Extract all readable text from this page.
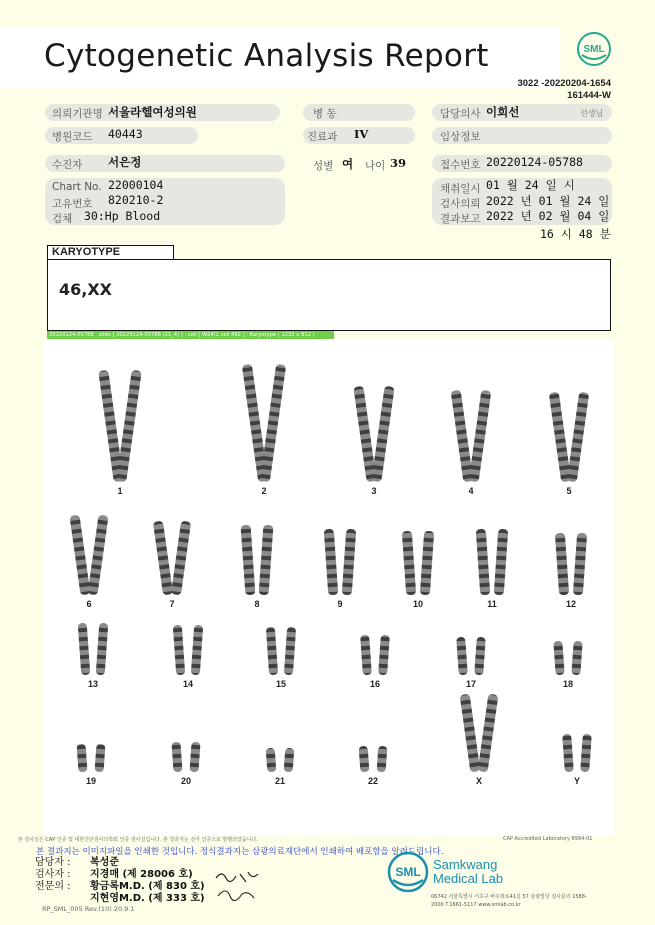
Cytogenetic Analysis Report	SML
3022 -20220204-1654
161444-W
의뢰기관명 서울라헬여성의원	병 동	담당의사 이희선	선생님
병원코드 40443	진료과 IV	임상정보
수진자 서은정	성별 여 나이 39	접수번호 20220124-05788
Chart No. 22000104
고유번호 820210-2
검체 30:Hp Blood
채취일시 01 월 24 일 시
검사의뢰 2022 년 01 월 24 일
결과보고 2022 년 02 월 04 일
16 시 48 분
KARYOTYPE
46,XX
20220124-05788 . slide [ 20220124-05788 (21_4) ] : cell [ W24/1 cell 492 ] : Karyotype ( 1232 x 912 )
1	2	3	4	5
6	7	8	9	10	11	12
13	14	15	16	17	18
19	20	21	22	X	Y
본 검사실은 CAP 인증 및 대한진단검사의학회 인증 검사실입니다. 본 결과지는 전자 인증으로 발행되었습니다.	CAP Accredited Laboratory 8994-01
본 결과지는 이미지파일을 인쇄한 것입니다. 정식결과지는 삼광의료재단에서 인쇄하여 배포함을 알려드립니다.
담당자 : 복성준
검사자 : 지경매 (제 28006 호)
전문의 : 황금록M.D. (제 830 호)
지현영M.D. (제 333 호)
RP_SML_005 Rev.(10) 20.9.1
SML Samkwang
Medical Lab
06742 서울특별시 서초구 바우뫼로41길 57 삼광빌딩 검사문의 1588-2000 T.1661-5117 www.smlab.co.kr
